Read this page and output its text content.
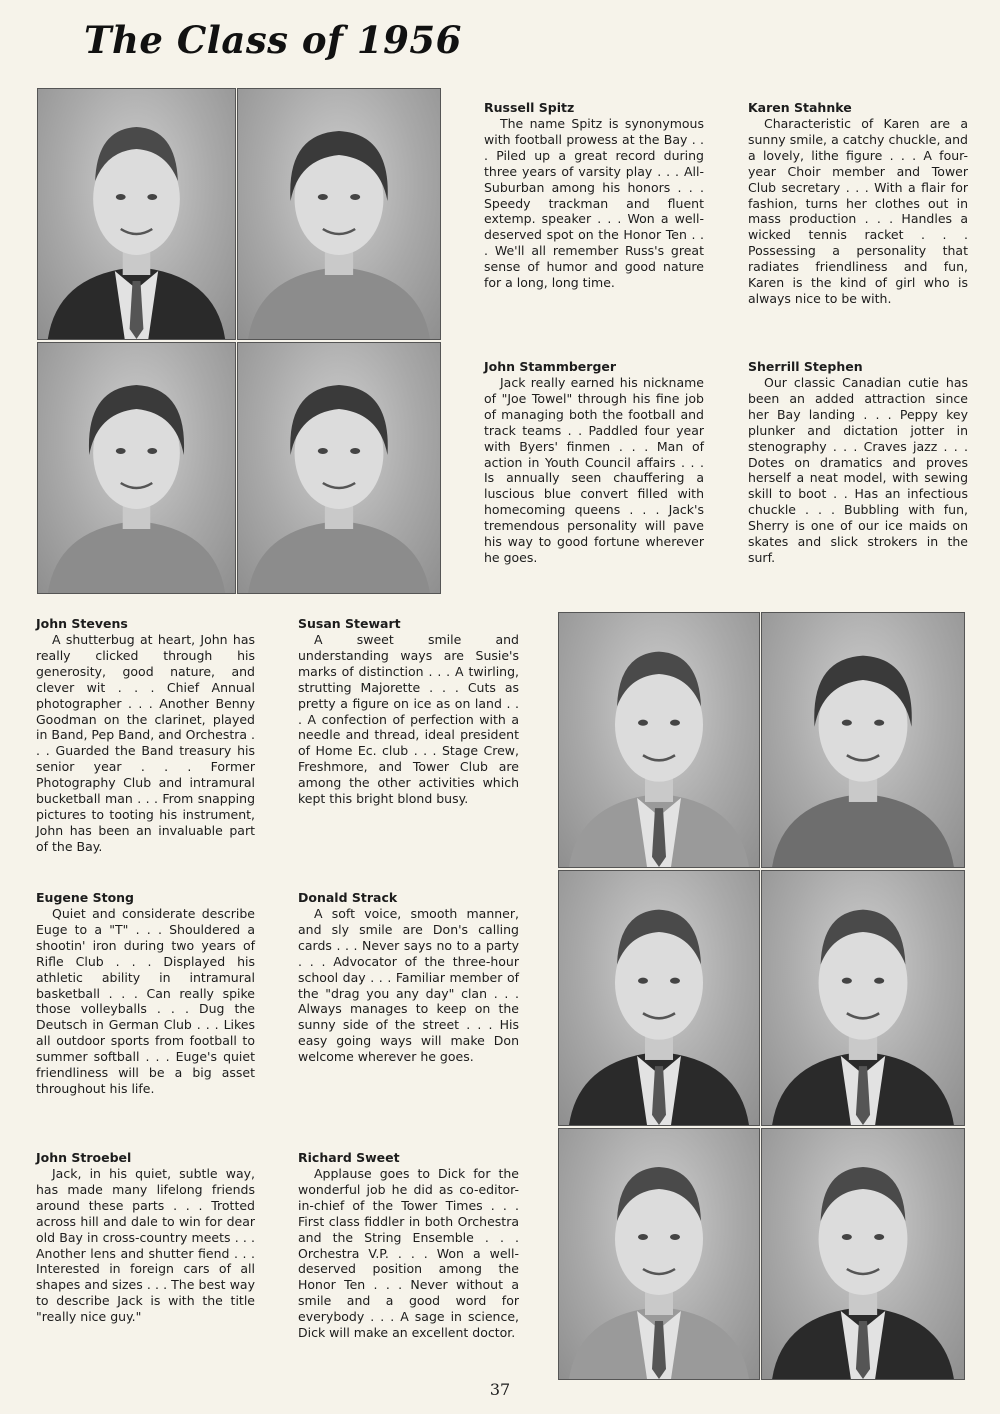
The Class of 1956

Russell Spitz

The name Spitz is synonymous with football prowess at the Bay . . . Piled up a great record during three years of varsity play . . . All-Suburban among his honors . . . Speedy trackman and fluent extemp. speaker . . . Won a well-deserved spot on the Honor Ten . . . We'll all remember Russ's great sense of humor and good nature for a long, long time.

Karen Stahnke

Characteristic of Karen are a sunny smile, a catchy chuckle, and a lovely, lithe figure . . . A four-year Choir member and Tower Club secretary . . . With a flair for fashion, turns her clothes out in mass production . . . Handles a wicked tennis racket . . . Possessing a personality that radiates friendliness and fun, Karen is the kind of girl who is always nice to be with.

John Stammberger

Jack really earned his nickname of "Joe Towel" through his fine job of managing both the football and track teams . . Paddled four year with Byers' finmen . . . Man of action in Youth Council affairs . . . Is annually seen chauffering a luscious blue convert filled with homecoming queens . . . Jack's tremendous personality will pave his way to good fortune wherever he goes.

Sherrill Stephen

Our classic Canadian cutie has been an added attraction since her Bay landing . . . Peppy key plunker and dictation jotter in stenography . . . Craves jazz . . . Dotes on dramatics and proves herself a neat model, with sewing skill to boot . . Has an infectious chuckle . . . Bubbling with fun, Sherry is one of our ice maids on skates and slick strokers in the surf.

John Stevens

A shutterbug at heart, John has really clicked through his generosity, good nature, and clever wit . . . Chief Annual photographer . . . Another Benny Goodman on the clarinet, played in Band, Pep Band, and Orchestra . . . Guarded the Band treasury his senior year . . . Former Photography Club and intramural bucketball man . . . From snapping pictures to tooting his instrument, John has been an invaluable part of the Bay.

Susan Stewart

A sweet smile and understanding ways are Susie's marks of distinction . . . A twirling, strutting Majorette . . . Cuts as pretty a figure on ice as on land . . . A confection of perfection with a needle and thread, ideal president of Home Ec. club . . . Stage Crew, Freshmore, and Tower Club are among the other activities which kept this bright blond busy.

Eugene Stong

Quiet and considerate describe Euge to a "T" . . . Shouldered a shootin' iron during two years of Rifle Club . . . Displayed his athletic ability in intramural basketball . . . Can really spike those volleyballs . . . Dug the Deutsch in German Club . . . Likes all outdoor sports from football to summer softball . . . Euge's quiet friendliness will be a big asset throughout his life.

Donald Strack

A soft voice, smooth manner, and sly smile are Don's calling cards . . . Never says no to a party . . . Advocator of the three-hour school day . . . Familiar member of the "drag you any day" clan . . . Always manages to keep on the sunny side of the street . . . His easy going ways will make Don welcome wherever he goes.

John Stroebel

Jack, in his quiet, subtle way, has made many lifelong friends around these parts . . . Trotted across hill and dale to win for dear old Bay in cross-country meets . . . Another lens and shutter fiend . . . Interested in foreign cars of all shapes and sizes . . . The best way to describe Jack is with the title "really nice guy."

Richard Sweet

Applause goes to Dick for the wonderful job he did as co-editor-in-chief of the Tower Times . . . First class fiddler in both Orchestra and the String Ensemble . . . Orchestra V.P. . . . Won a well-deserved position among the Honor Ten . . . Never without a smile and a good word for everybody . . . A sage in science, Dick will make an excellent doctor.

37
